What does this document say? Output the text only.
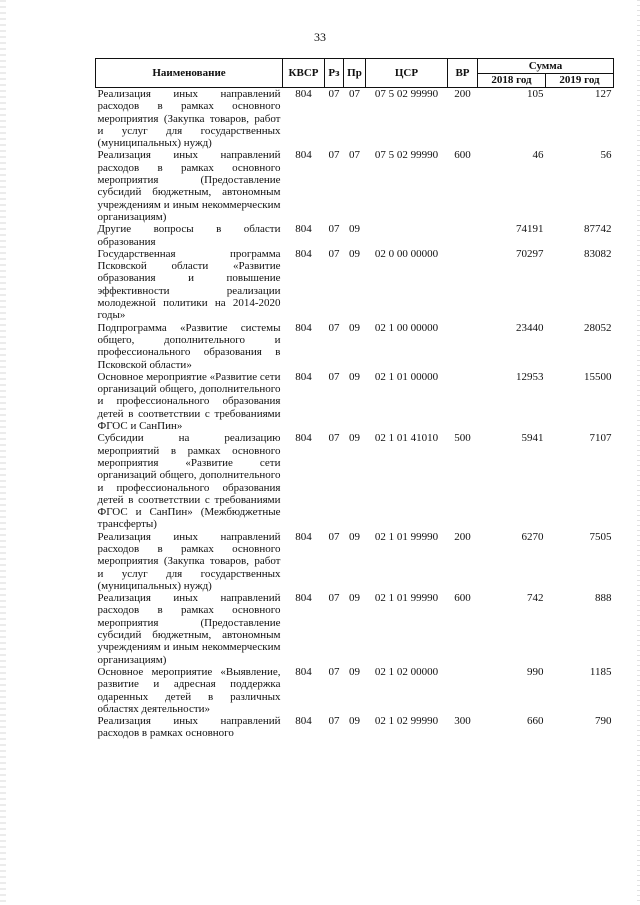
33
Наименование	КВСР	Рз	Пр	ЦСР	ВР	Сумма	
						2018 год	2019 год
Реализация иных направлений расходов в рамках основного мероприятия (Закупка товаров, работ и услуг для государственных (муниципальных) нужд)	804	07	07	07 5 02 99990	200	105	127
Реализация иных направлений расходов в рамках основного мероприятия (Предоставление субсидий бюджетным, автономным учреждениям и иным некоммерческим организациям)	804	07	07	07 5 02 99990	600	46	56
Другие вопросы в области образования	804	07	09			74191	87742
Государственная программа Псковской области «Развитие образования и повышение эффективности реализации молодежной политики на 2014-2020 годы»	804	07	09	02 0 00 00000		70297	83082
Подпрограмма «Развитие системы общего, дополнительного и профессионального образования в Псковской области»	804	07	09	02 1 00 00000		23440	28052
Основное мероприятие «Развитие сети организаций общего, дополнительного и профессионального образования детей в соответствии с требованиями ФГОС и СанПин»	804	07	09	02 1 01 00000		12953	15500
Субсидии на реализацию мероприятий в рамках основного мероприятия «Развитие сети организаций общего, дополнительного и профессионального образования детей в соответствии с требованиями ФГОС и СанПин» (Межбюджетные трансферты)	804	07	09	02 1 01 41010	500	5941	7107
Реализация иных направлений расходов в рамках основного мероприятия (Закупка товаров, работ и услуг для государственных (муниципальных) нужд)	804	07	09	02 1 01 99990	200	6270	7505
Реализация иных направлений расходов в рамках основного мероприятия (Предоставление субсидий бюджетным, автономным учреждениям и иным некоммерческим организациям)	804	07	09	02 1 01 99990	600	742	888
Основное мероприятие «Выявление, развитие и адресная поддержка одаренных детей в различных областях деятельности»	804	07	09	02 1 02 00000		990	1185
Реализация иных направлений расходов в рамках основного	804	07	09	02 1 02 99990	300	660	790
